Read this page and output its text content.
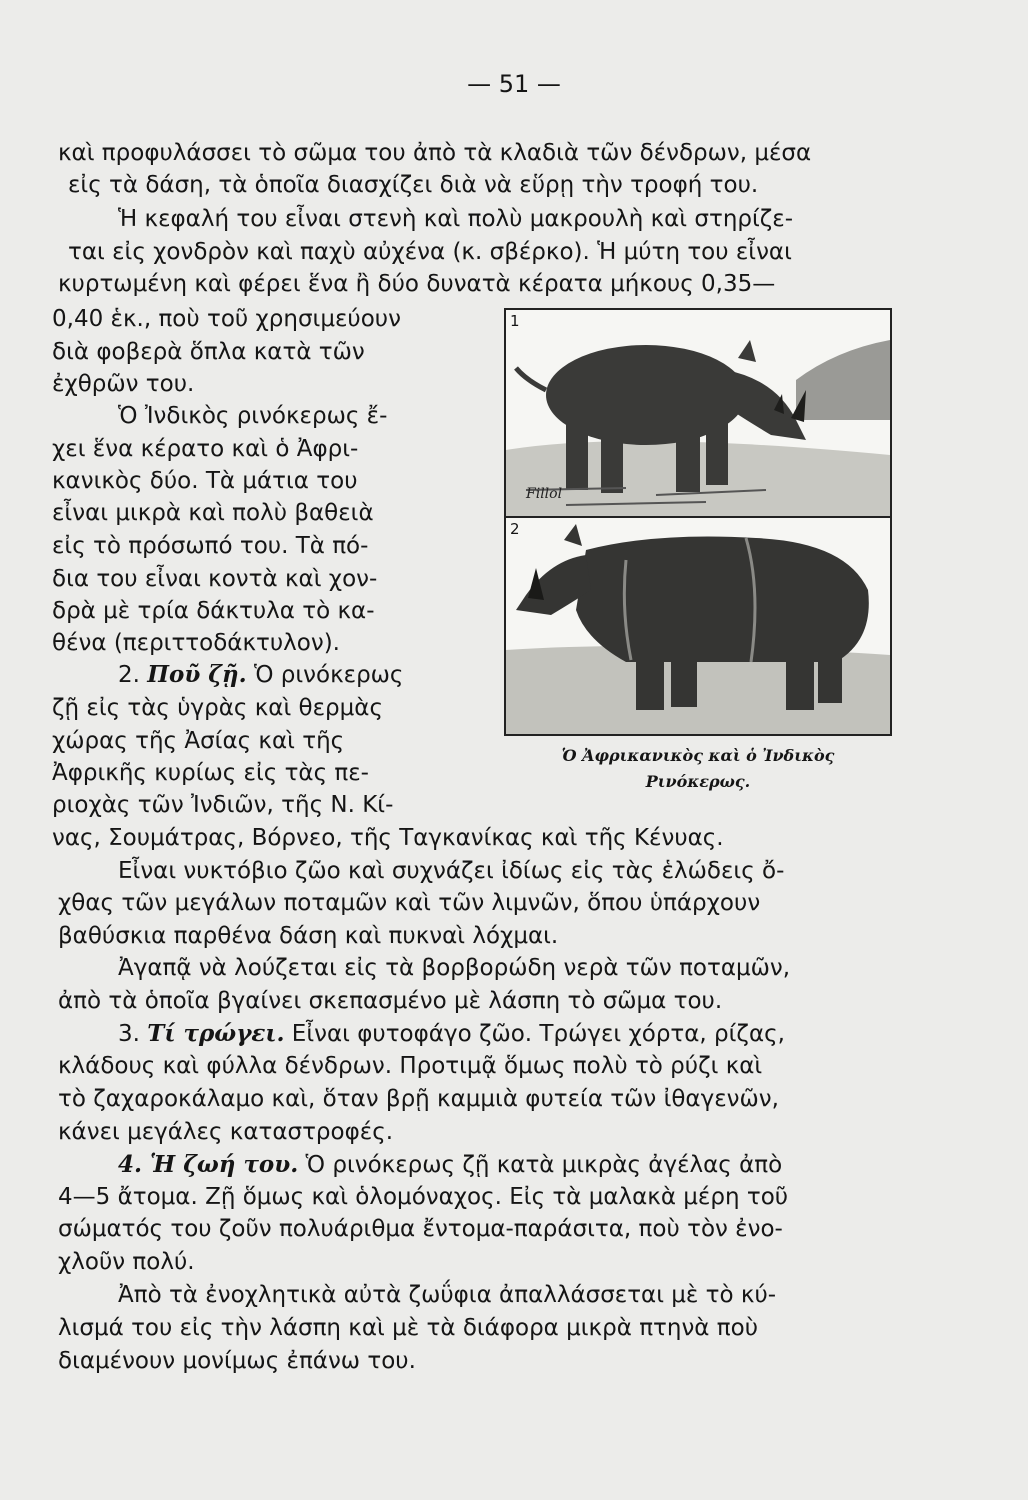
— 51 —
καὶ προφυλάσσει τὸ σῶμα του ἀπὸ τὰ κλαδιὰ τῶν δένδρων, μέσα
εἰς τὰ δάση, τὰ ὁποῖα διασχίζει διὰ νὰ εὕρῃ τὴν τροφή του.
Ἡ κεφαλή του εἶναι στενὴ καὶ πολὺ μακρουλὴ καὶ στηρίζε-
ται εἰς χονδρὸν καὶ παχὺ αὐχένα (κ. σβέρκο). Ἡ μύτη του εἶναι
κυρτωμένη καὶ φέρει ἕνα ἢ δύο δυνατὰ κέρατα μήκους 0,35—
0,40 ἑκ., ποὺ τοῦ χρησιμεύουν
διὰ φοβερὰ ὅπλα κατὰ τῶν
ἐχθρῶν του.
Ὁ Ἰνδικὸς ρινόκερως ἔ-
χει ἕνα κέρατο καὶ ὁ Ἀφρι-
κανικὸς δύο. Τὰ μάτια του
εἶναι μικρὰ καὶ πολὺ βαθειὰ
εἰς τὸ πρόσωπό του. Τὰ πό-
δια του εἶναι κοντὰ καὶ χον-
δρὰ μὲ τρία δάκτυλα τὸ κα-
θένα (περιττοδάκτυλον).
2. Ποῦ ζῇ. Ὁ ρινόκερως
ζῇ εἰς τὰς ὑγρὰς καὶ θερμὰς
χώρας τῆς Ἀσίας καὶ τῆς
Ἀφρικῆς κυρίως εἰς τὰς πε-
ριοχὰς τῶν Ἰνδιῶν, τῆς Ν. Κί-
νας, Σουμάτρας, Βόρνεο, τῆς Ταγκανίκας καὶ τῆς Κένυας.
Εἶναι νυκτόβιο ζῶο καὶ συχνάζει ἰδίως εἰς τὰς ἑλώδεις ὄ-
χθας τῶν μεγάλων ποταμῶν καὶ τῶν λιμνῶν, ὅπου ὑπάρχουν
βαθύσκια παρθένα δάση καὶ πυκναὶ λόχμαι.
Ἀγαπᾷ νὰ λούζεται εἰς τὰ βορβορώδη νερὰ τῶν ποταμῶν,
ἀπὸ τὰ ὁποῖα βγαίνει σκεπασμένο μὲ λάσπη τὸ σῶμα του.
3. Τί τρώγει. Εἶναι φυτοφάγο ζῶο. Τρώγει χόρτα, ρίζας,
κλάδους καὶ φύλλα δένδρων. Προτιμᾷ ὅμως πολὺ τὸ ρύζι καὶ
τὸ ζαχαροκάλαμο καὶ, ὅταν βρῇ καμμιὰ φυτεία τῶν ἰθαγενῶν,
κάνει μεγάλες καταστροφές.
4. Ἡ ζωή του. Ὁ ρινόκερως ζῇ κατὰ μικρὰς ἀγέλας ἀπὸ
4—5 ἄτομα. Ζῇ ὅμως καὶ ὁλομόναχος. Εἰς τὰ μαλακὰ μέρη τοῦ
σώματός του ζοῦν πολυάριθμα ἔντομα-παράσιτα, ποὺ τὸν ἐνο-
χλοῦν πολύ.
Ἀπὸ τὰ ἐνοχλητικὰ αὐτὰ ζωΰφια ἀπαλλάσσεται μὲ τὸ κύ-
λισμά του εἰς τὴν λάσπη καὶ μὲ τὰ διάφορα μικρὰ πτηνὰ ποὺ
διαμένουν μονίμως ἐπάνω του.
1
2
Fillol
Ὁ Ἀφρικανικὸς καὶ ὁ Ἰνδικὸς
Ρινόκερως.
